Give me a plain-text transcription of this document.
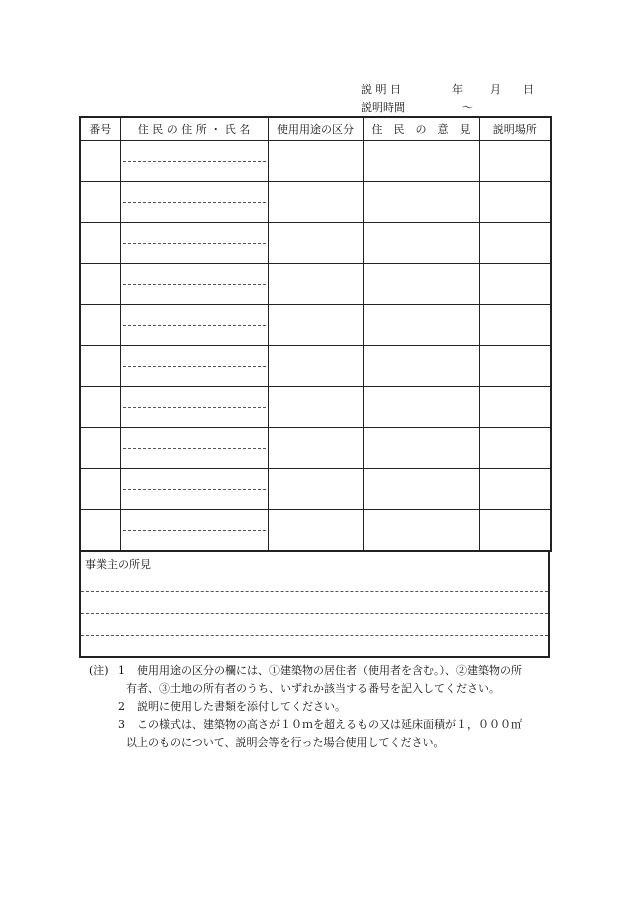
説 明 日	年 月 日
説明時間	～
番号	住 民 の 住 所 ・ 氏 名	使用用途の区分	住　民　の　意　見	説明場所

事業主の所見
(注) 1 使用用途の区分の欄には、①建築物の居住者（使用者を含む。）、②建築物の所
有者、③土地の所有者のうち、いずれか該当する番号を記入してください。
2 説明に使用した書類を添付してください。
3 この様式は、建築物の高さが１０ｍを超えるもの又は延床面積が１，０００㎡
以上のものについて、説明会等を行った場合使用してください。
